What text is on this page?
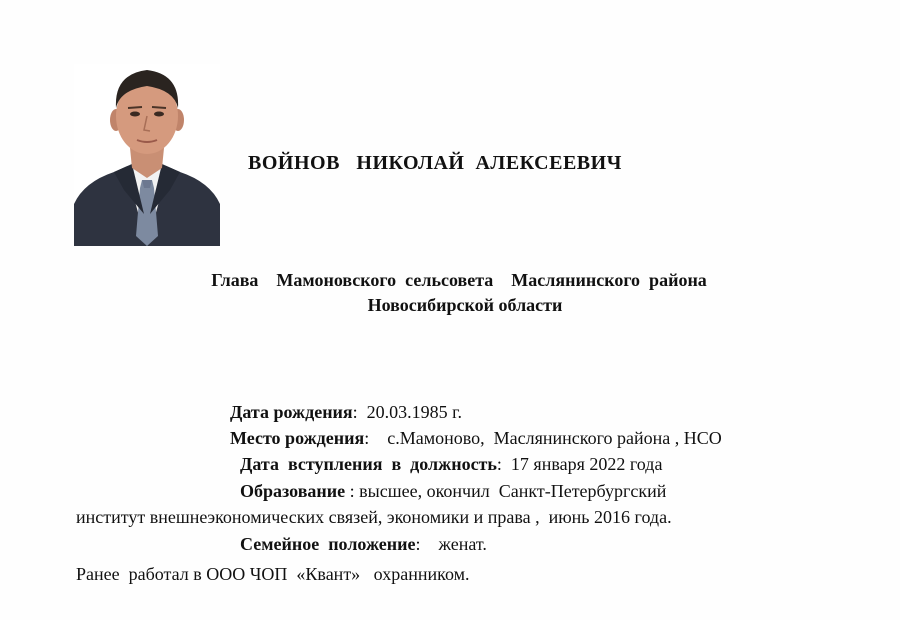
ВОЙНОВ   НИКОЛАЙ  АЛЕКСЕЕВИЧ
Глава    Мамоновского  сельсовета    Маслянинского  района
Новосибирской области
Дата рождения:  20.03.1985 г.
Место рождения:    с.Мамоново,  Маслянинского района , НСО
Дата  вступления  в  должность:  17 января 2022 года
Образование : высшее, окончил  Санкт-Петербургский
институт внешнеэкономических связей, экономики и права ,  июнь 2016 года.
Семейное  положение:    женат.
Ранее  работал в ООО ЧОП  «Квант»   охранником.
